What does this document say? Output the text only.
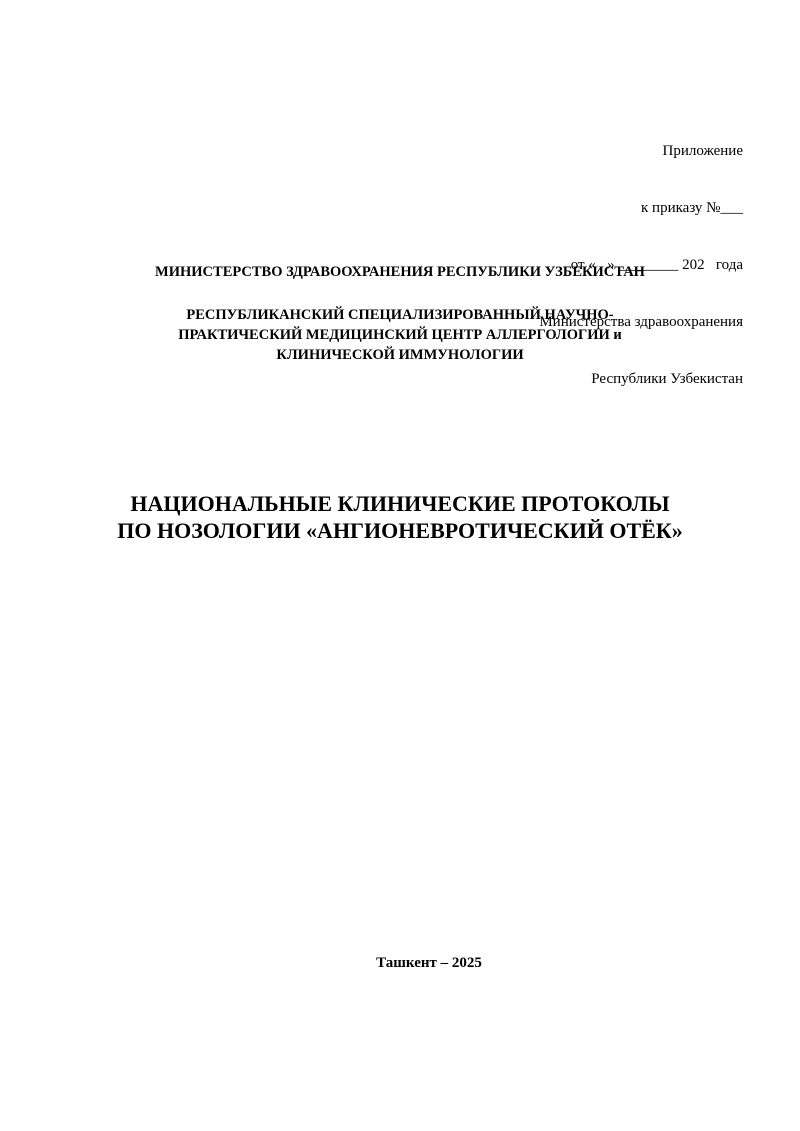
Приложение

к приказу №___

от «   » ________ 202   года

Министерства здравоохранения

Республики Узбекистан

МИНИСТЕРСТВО ЗДРАВООХРАНЕНИЯ РЕСПУБЛИКИ УЗБЕКИСТАН
РЕСПУБЛИКАНСКИЙ СПЕЦИАЛИЗИРОВАННЫЙ НАУЧНО-
ПРАКТИЧЕСКИЙ МЕДИЦИНСКИЙ ЦЕНТР АЛЛЕРГОЛОГИИ и
КЛИНИЧЕСКОЙ ИММУНОЛОГИИ
НАЦИОНАЛЬНЫЕ КЛИНИЧЕСКИЕ ПРОТОКОЛЫ
ПО НОЗОЛОГИИ «АНГИОНЕВРОТИЧЕСКИЙ ОТЁК»
Ташкент – 2025
